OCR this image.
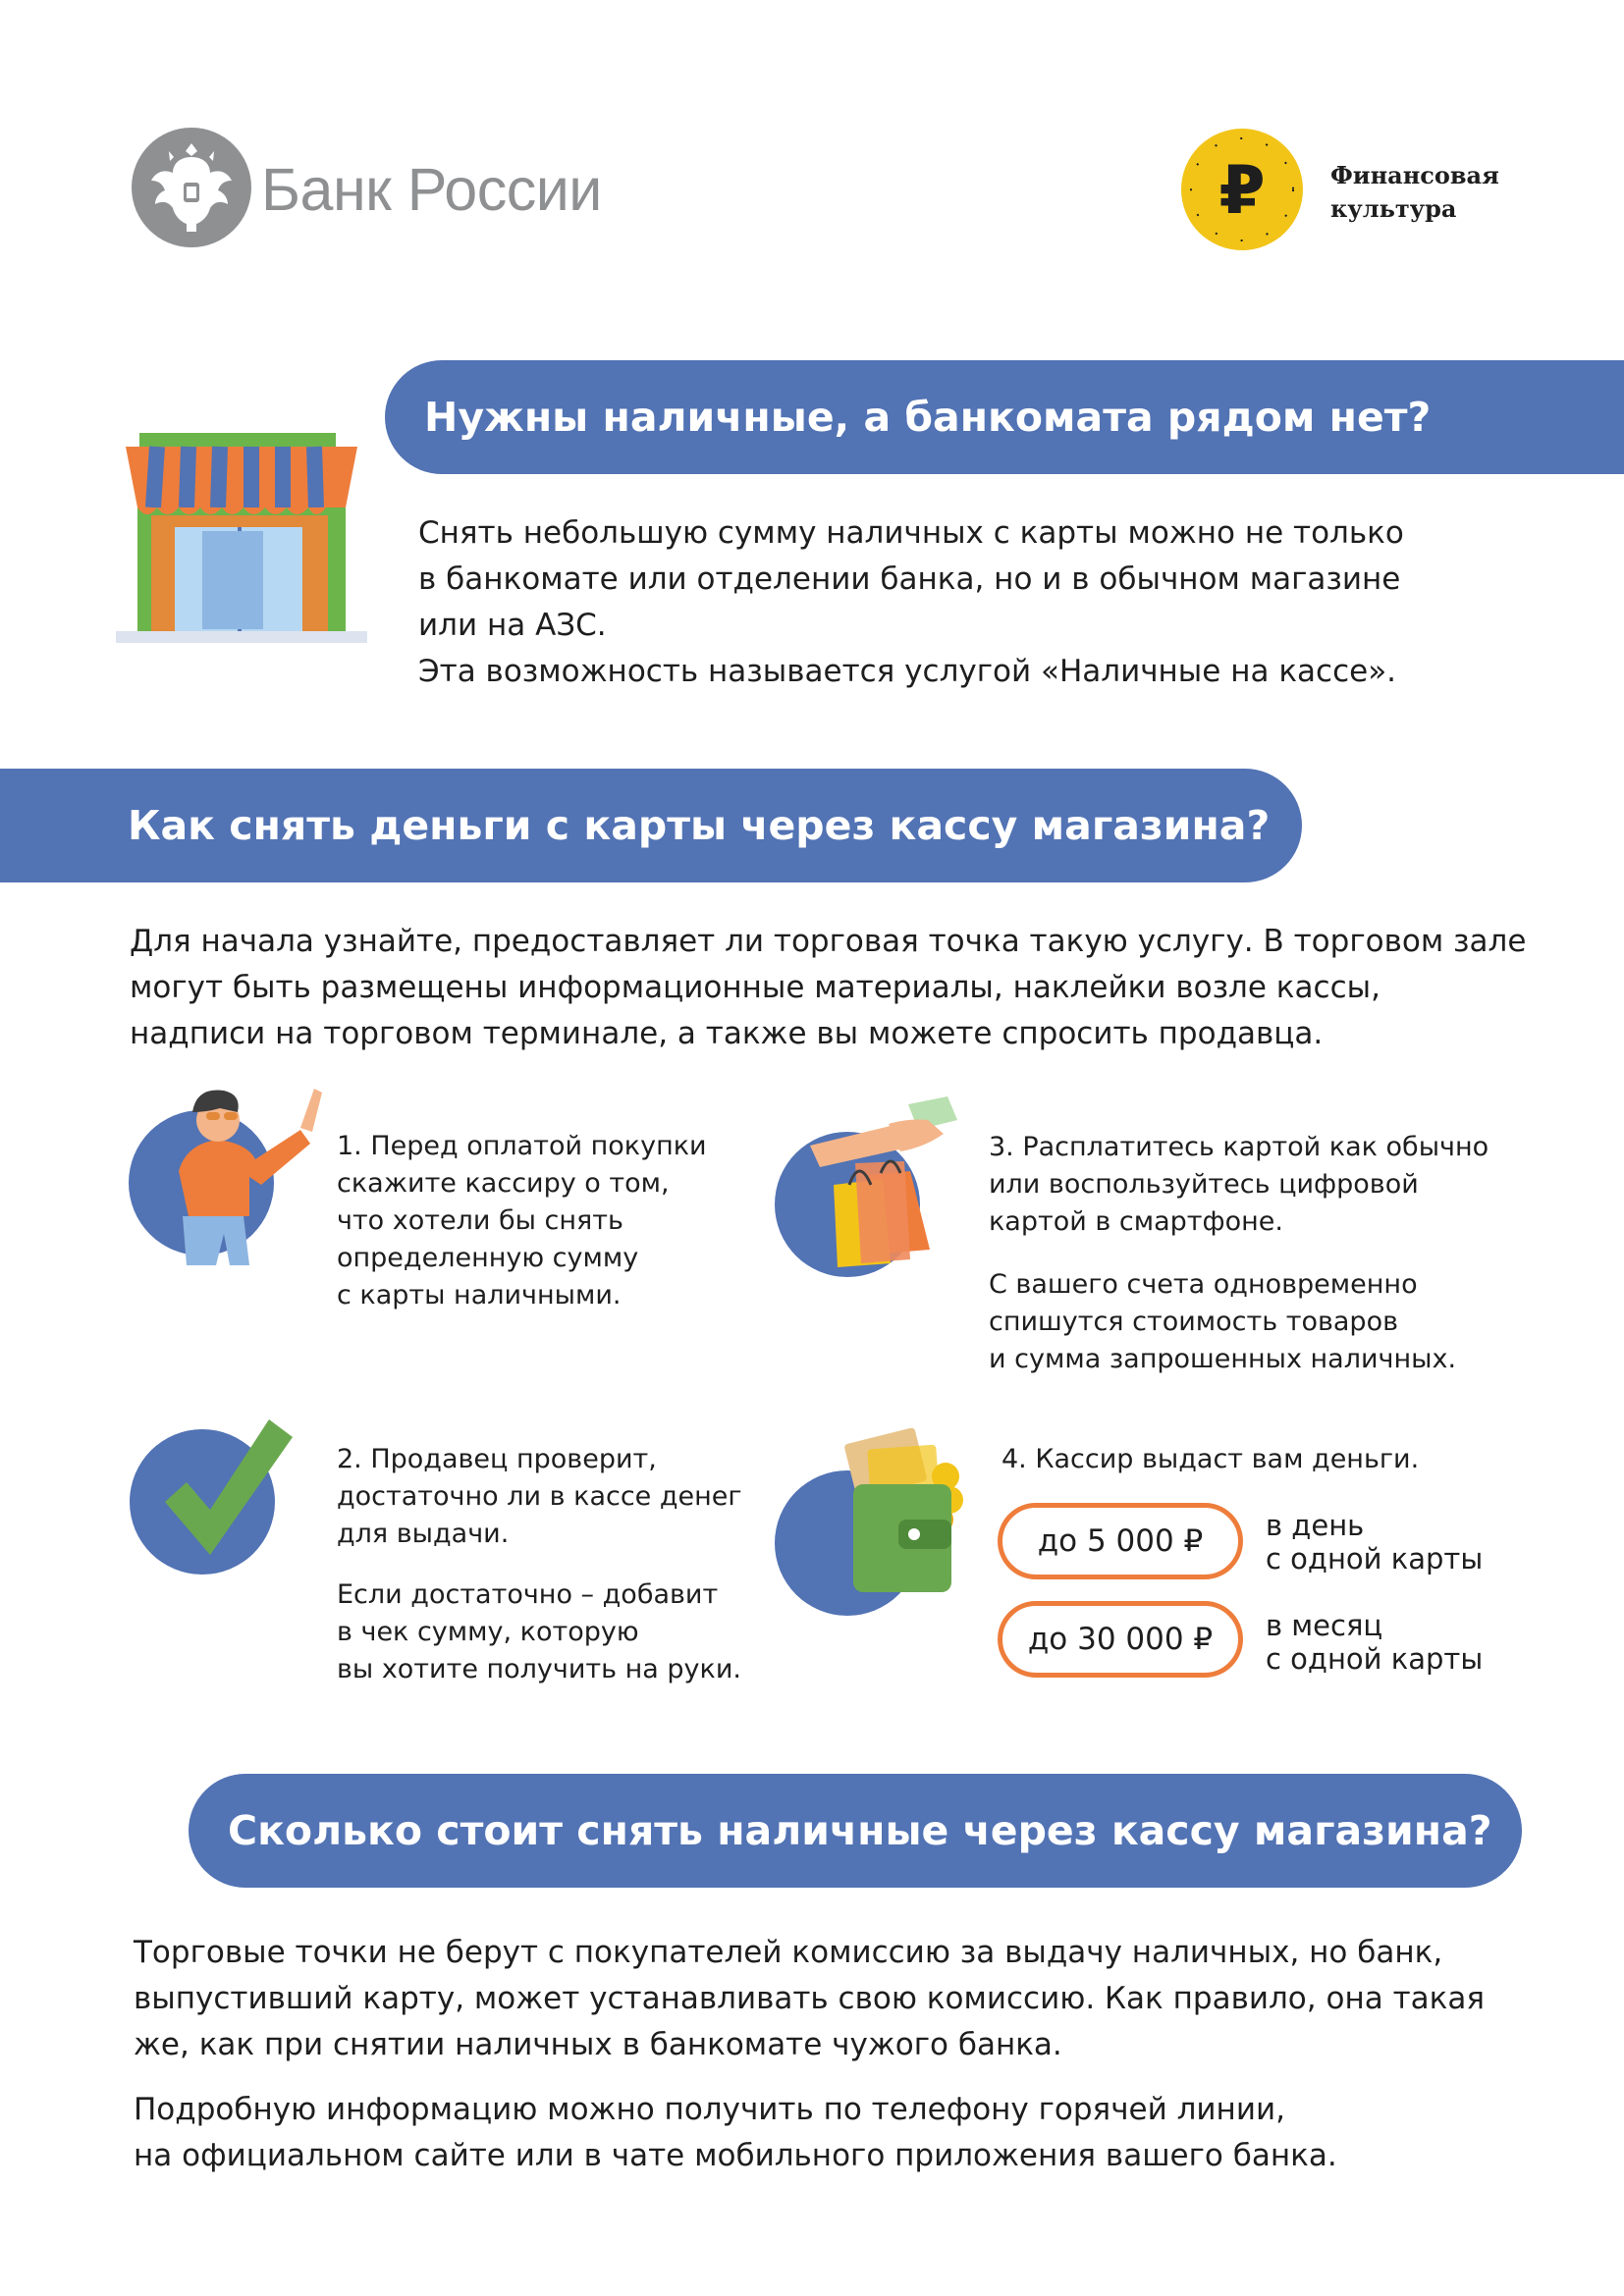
Банк России	₽	Финансовая
культура
Нужны наличные, а банкомата рядом нет?
Снять небольшую сумму наличных с карты можно не только
в банкомате или отделении банка, но и в обычном магазине
или на АЗС.
Эта возможность называется услугой «Наличные на кассе».
Как снять деньги с карты через кассу магазина?
Для начала узнайте, предоставляет ли торговая точка такую услугу. В торговом зале
могут быть размещены информационные материалы, наклейки возле кассы,
надписи на торговом терминале, а также вы можете спросить продавца.
1. Перед оплатой покупки
скажите кассиру о том,
что хотели бы снять
определенную сумму
с карты наличными.
3. Расплатитесь картой как обычно
или воспользуйтесь цифровой
картой в смартфоне.
С вашего счета одновременно
спишутся стоимость товаров
и сумма запрошенных наличных.
2. Продавец проверит,
достаточно ли в кассе денег
для выдачи.
Если достаточно – добавит
в чек сумму, которую
вы хотите получить на руки.
4. Кассир выдаст вам деньги.
до 5 000 ₽	в день
с одной карты
до 30 000 ₽	в месяц
с одной карты
Сколько стоит снять наличные через кассу магазина?
Торговые точки не берут с покупателей комиссию за выдачу наличных, но банк,
выпустивший карту, может устанавливать свою комиссию. Как правило, она такая
же, как при снятии наличных в банкомате чужого банка.
Подробную информацию можно получить по телефону горячей линии,
на официальном сайте или в чате мобильного приложения вашего банка.
